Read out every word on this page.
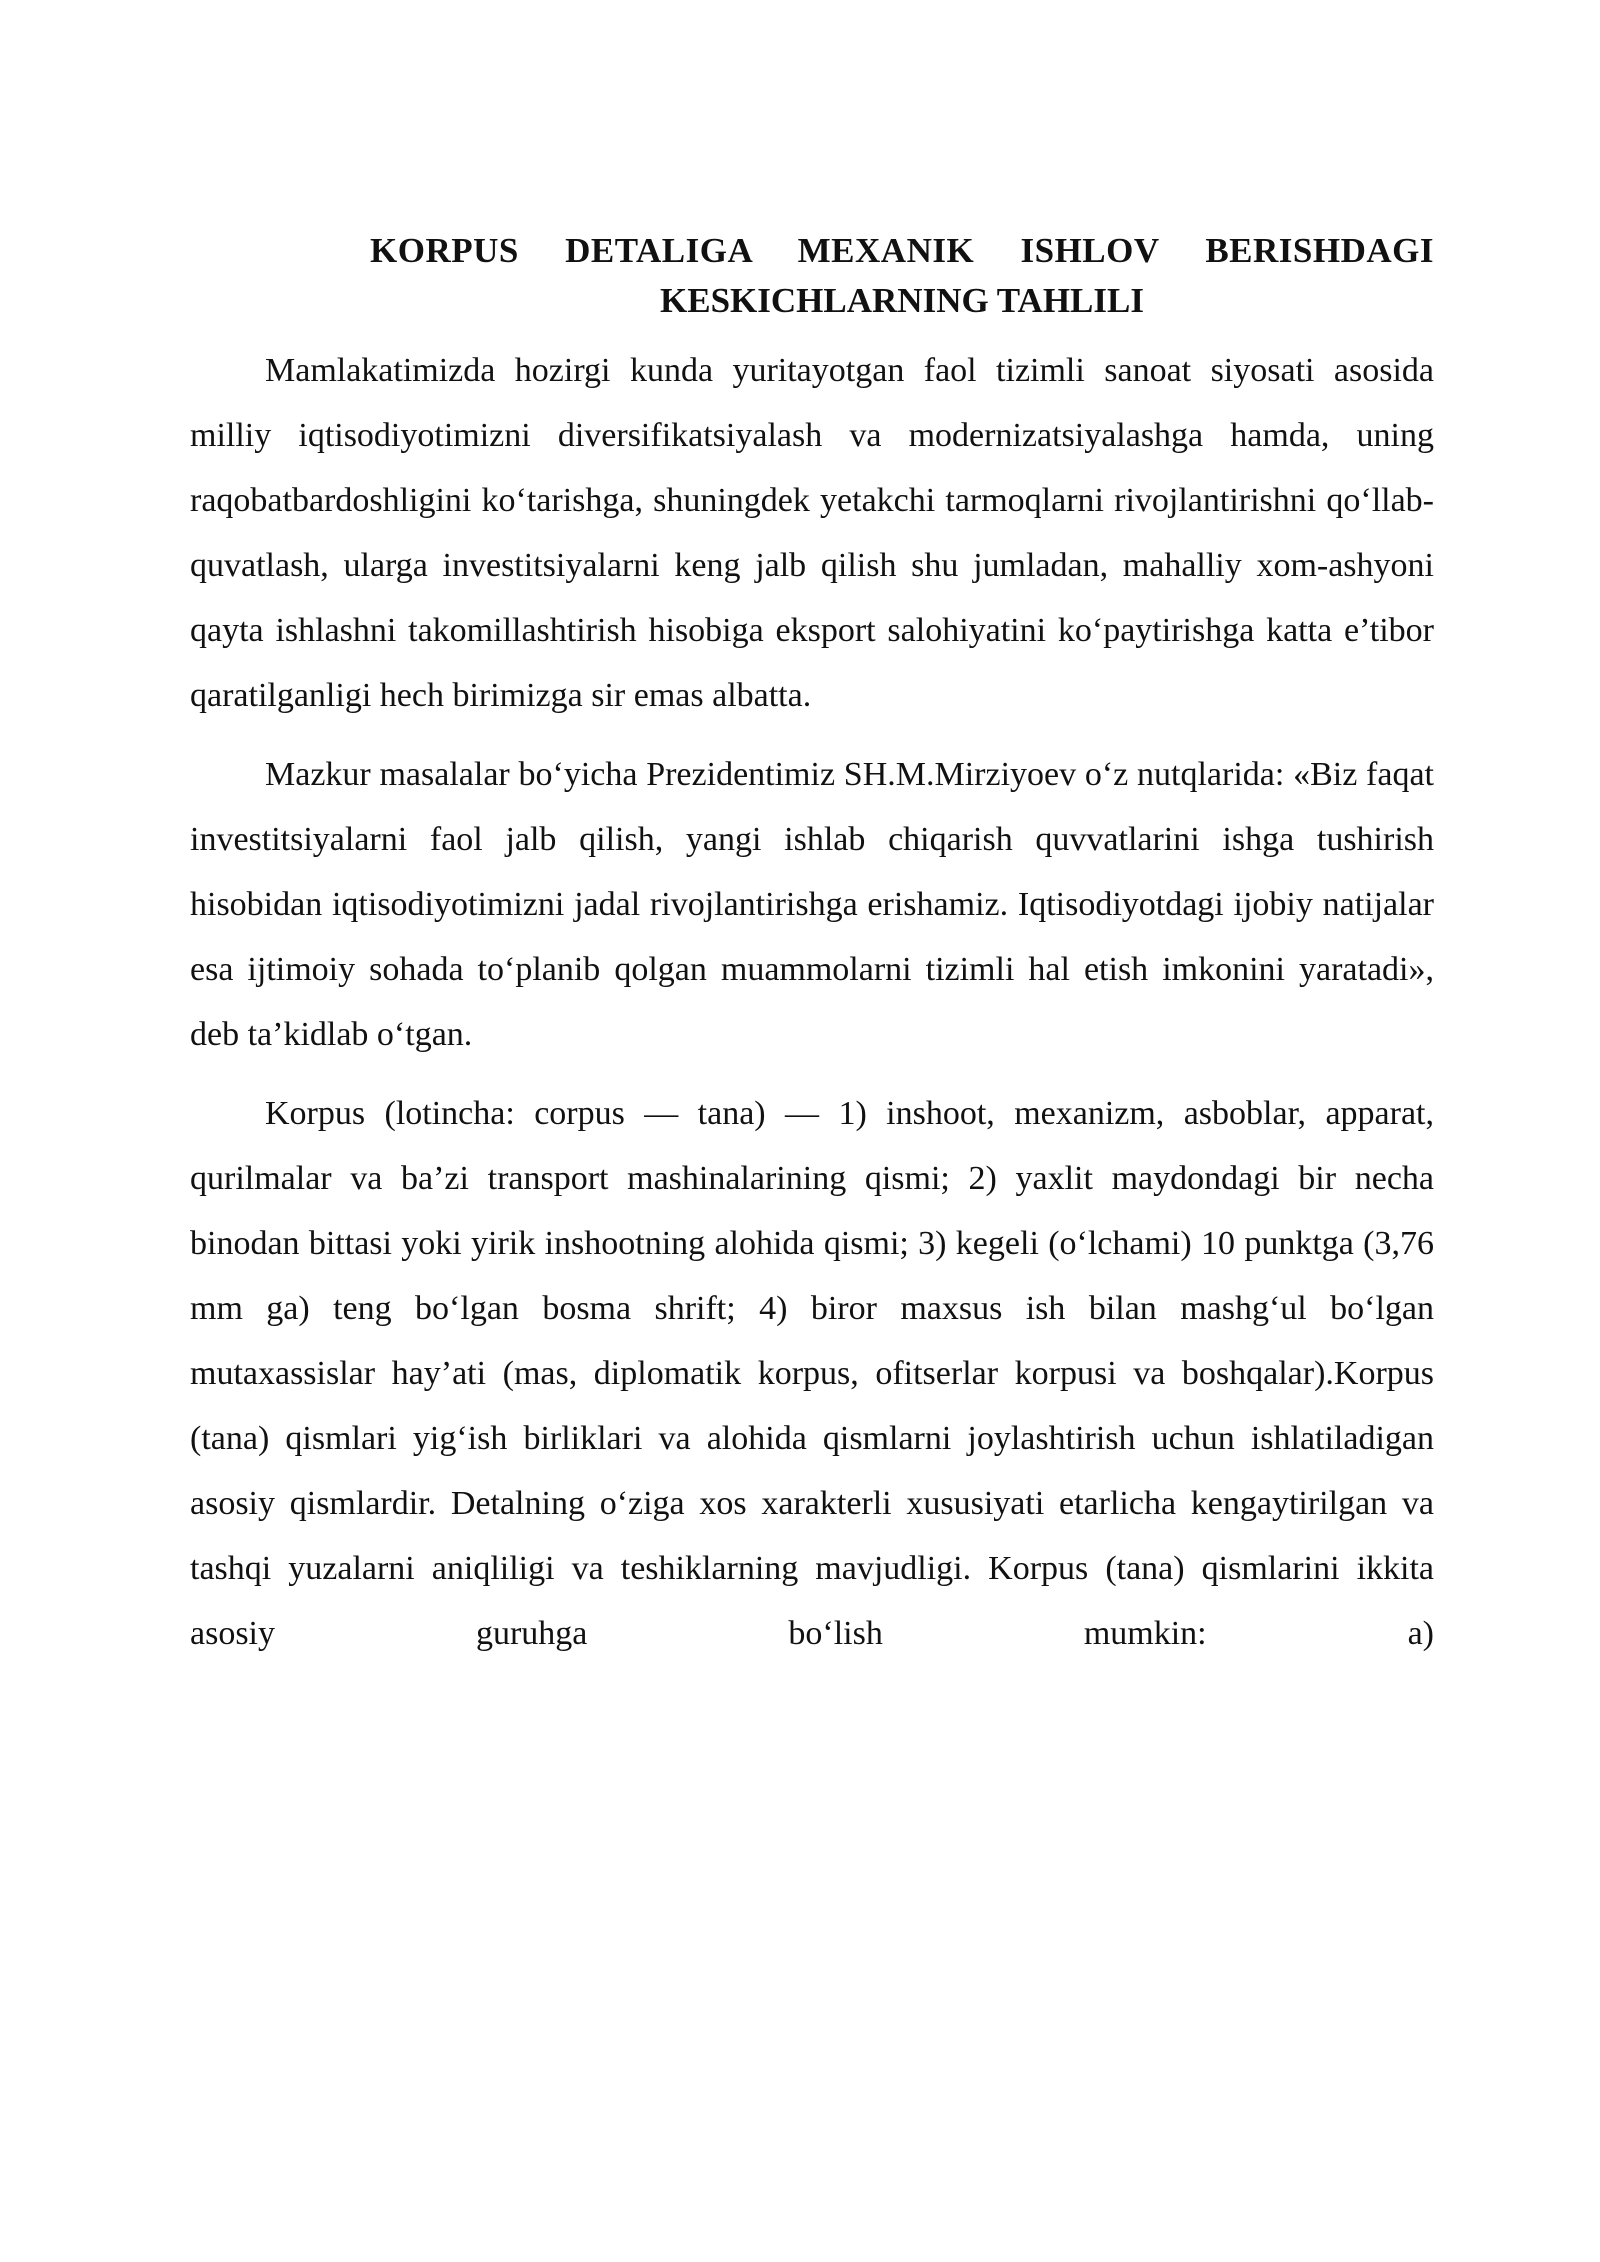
KORPUS DETALIGA MEXANIK ISHLOV BERISHDAGI
KESKICHLARNING TAHLILI

Mamlakatimizda hozirgi kunda yuritayotgan faol tizimli sanoat siyosati asosida milliy iqtisodiyotimizni diversifikatsiyalash va modernizatsiyalashga hamda, uning raqobatbardoshligini ko‘tarishga, shuningdek yetakchi tarmoqlarni rivojlantirishni qo‘llab-quvatlash, ularga investitsiyalarni keng jalb qilish shu jumladan, mahalliy xom-ashyoni qayta ishlashni takomillashtirish hisobiga eksport salohiyatini ko‘paytirishga katta e’tibor qaratilganligi hech birimizga sir emas albatta.

Mazkur masalalar bo‘yicha Prezidentimiz SH.M.Mirziyoev o‘z nutqlarida: «Biz faqat investitsiyalarni faol jalb qilish, yangi ishlab chiqarish quvvatlarini ishga tushirish hisobidan iqtisodiyotimizni jadal rivojlantirishga erishamiz. Iqtisodiyotdagi ijobiy natijalar esa ijtimoiy sohada to‘planib qolgan muammolarni tizimli hal etish imkonini yaratadi», deb ta’kidlab o‘tgan.

Korpus (lotincha: corpus — tana) — 1) inshoot, mexanizm, asboblar, apparat, qurilmalar va ba’zi transport mashinalarining qismi; 2) yaxlit maydondagi bir necha binodan bittasi yoki yirik inshootning alohida qismi; 3) kegeli (o‘lchami) 10 punktga (3,76 mm ga) teng bo‘lgan bosma shrift; 4) biror maxsus ish bilan mashg‘ul bo‘lgan mutaxassislar hay’ati (mas, diplomatik korpus, ofitserlar korpusi va boshqalar).Korpus (tana) qismlari yig‘ish birliklari va alohida qismlarni joylashtirish uchun ishlatiladigan asosiy qismlardir. Detalning o‘ziga xos xarakterli xususiyati etarlicha kengaytirilgan va tashqi yuzalarni aniqliligi va teshiklarning mavjudligi. Korpus (tana) qismlarini ikkita asosiy guruhga bo‘lish mumkin: a)
